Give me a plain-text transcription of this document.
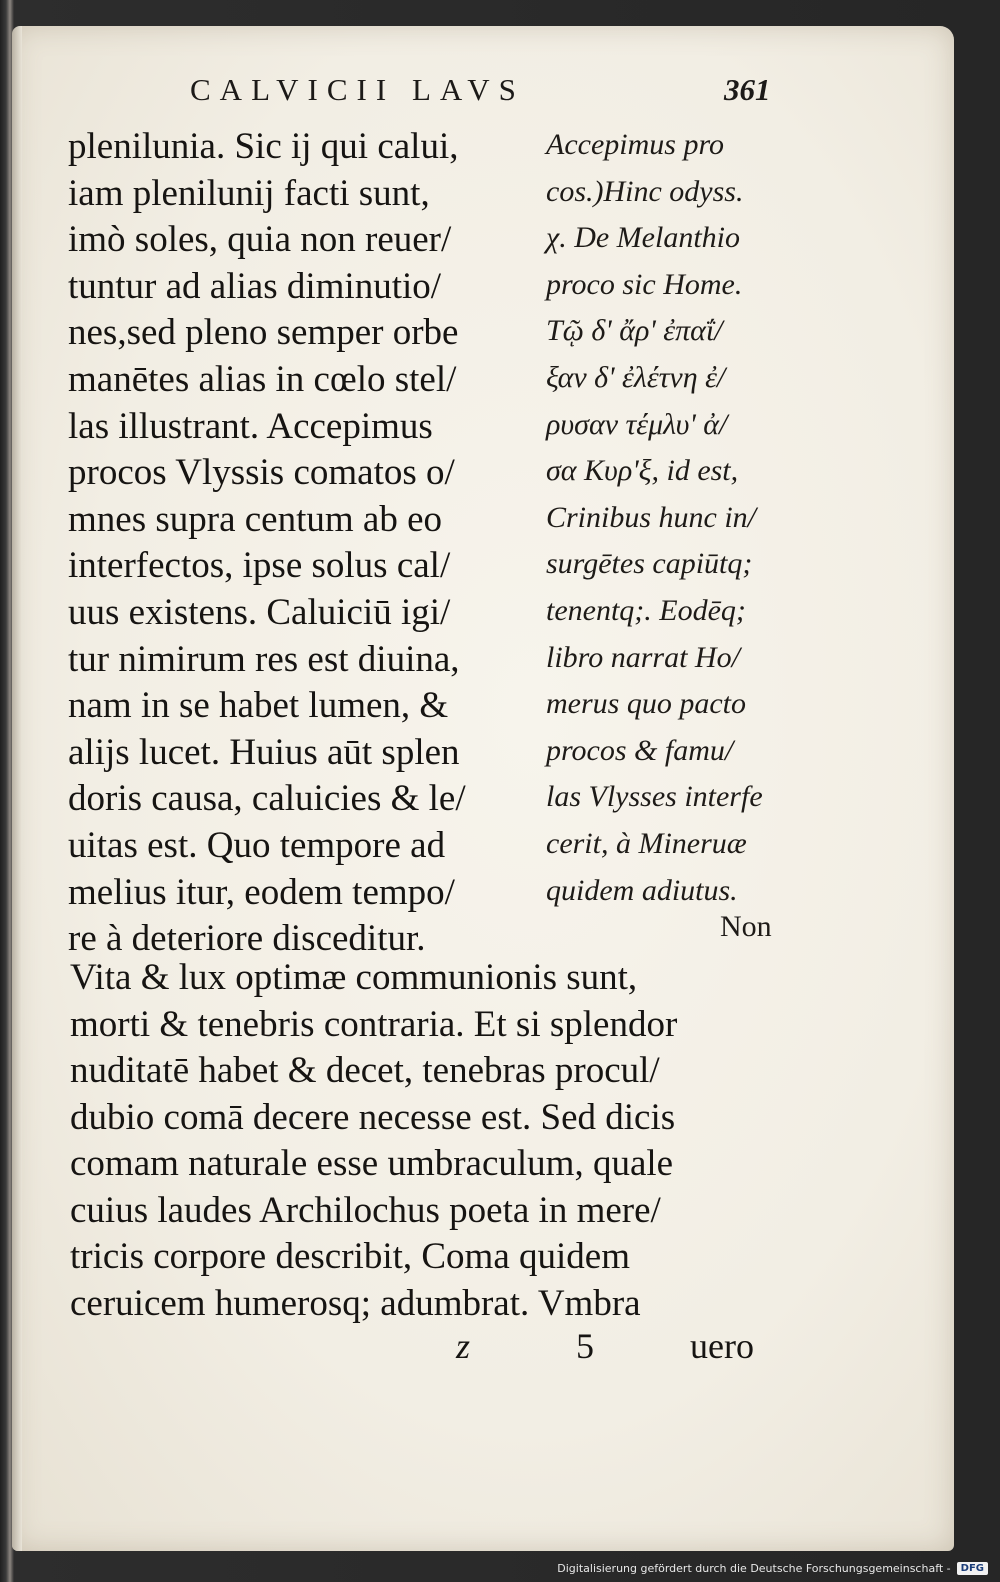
CALVICII LAVS	361
plenilunia. Sic ij qui calui,
iam plenilunij facti sunt,
imò soles, quia non reuer/
tuntur ad alias diminutio/
nes,sed pleno semper orbe
manētes alias in cœlo stel/
las illustrant. Accepimus
procos Vlyssis comatos o/
mnes supra centum ab eo
interfectos, ipse solus cal/
uus existens. Caluiciū igi/
tur nimirum res est diuina,
nam in se habet lumen, &
alijs lucet. Huius aūt splen
doris causa, caluicies & le/
uitas est. Quo tempore ad
melius itur, eodem tempo/
re à deteriore disceditur.
Accepimus pro
cos.)Hinc odyss.
χ. De Melanthio
proco sic Home.
Τῷ δ' ἄρ' ἐπαΐ/
ξαν δ' ἐλέτνη ἐ/
ρυσαν τέμλυ' ἀ/
σα Κυρ'ξ, id est,
Crinibus hunc in/
surgētes capiūtq;
tenentq;. Eodēq;
libro narrat Ho/
merus quo pacto
procos & famu/
las Vlysses interfe
cerit, à Mineruæ
quidem adiutus.
Non
Vita & lux optimæ communionis sunt,
morti & tenebris contraria. Et si splendor
nuditatē habet & decet, tenebras procul/
dubio comā decere necesse est. Sed dicis
comam naturale esse umbraculum, quale
cuius laudes Archilochus poeta in mere/
tricis corpore describit, Coma quidem
ceruicem humerosq; adumbrat. Vmbra
z	5	uero
Digitalisierung gefördert durch die Deutsche Forschungsgemeinschaft -	DFG
